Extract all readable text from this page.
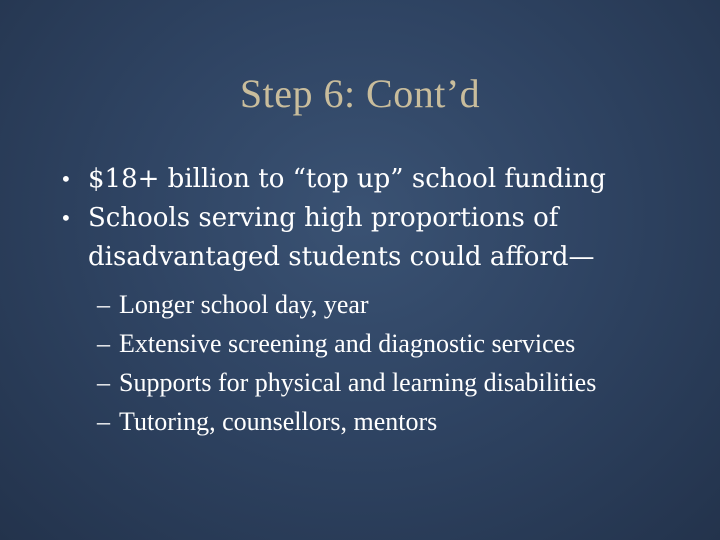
Step 6: Cont’d

• $18+ billion to “top up” school funding

• Schools serving high proportions of disadvantaged students could afford—

– Longer school day, year

– Extensive screening and diagnostic services

– Supports for physical and learning disabilities

– Tutoring, counsellors, mentors
